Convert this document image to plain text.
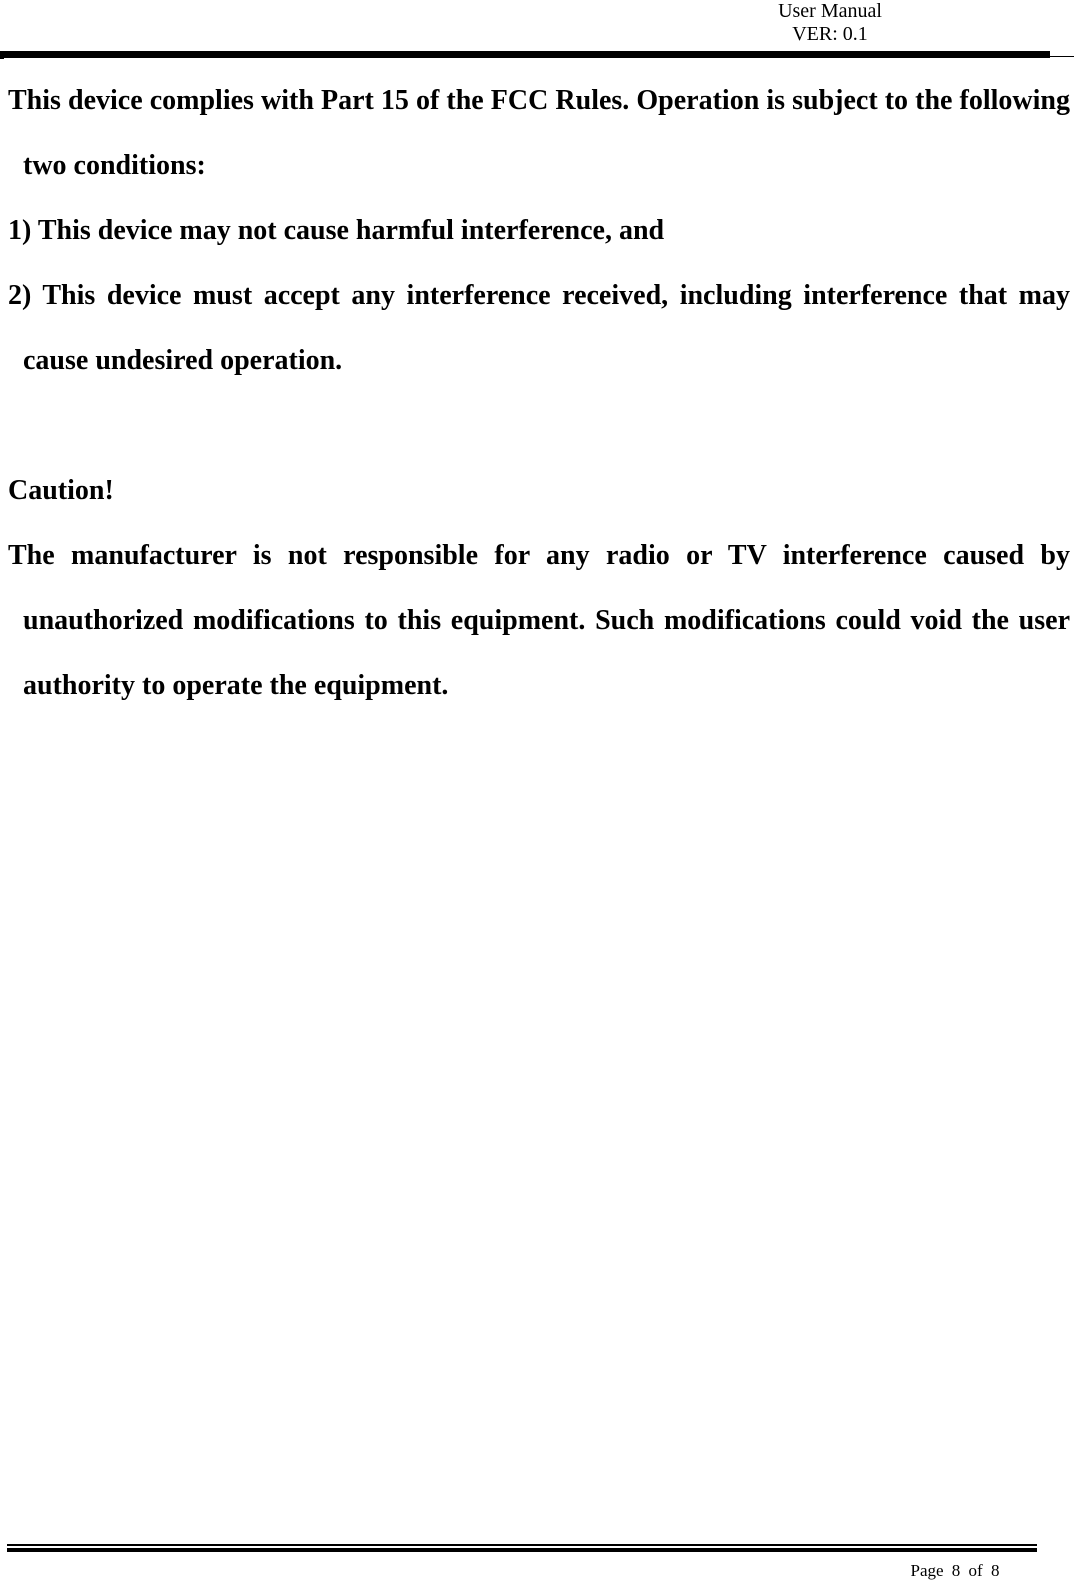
User Manual
VER: 0.1

This device complies with Part 15 of the FCC Rules. Operation is subject to the following two conditions:

1) This device may not cause harmful interference, and

2) This device must accept any interference received, including interference that may cause undesired operation.

Caution!

The manufacturer is not responsible for any radio or TV interference caused by unauthorized modifications to this equipment. Such modifications could void the user authority to operate the equipment.

Page 8 of 8
